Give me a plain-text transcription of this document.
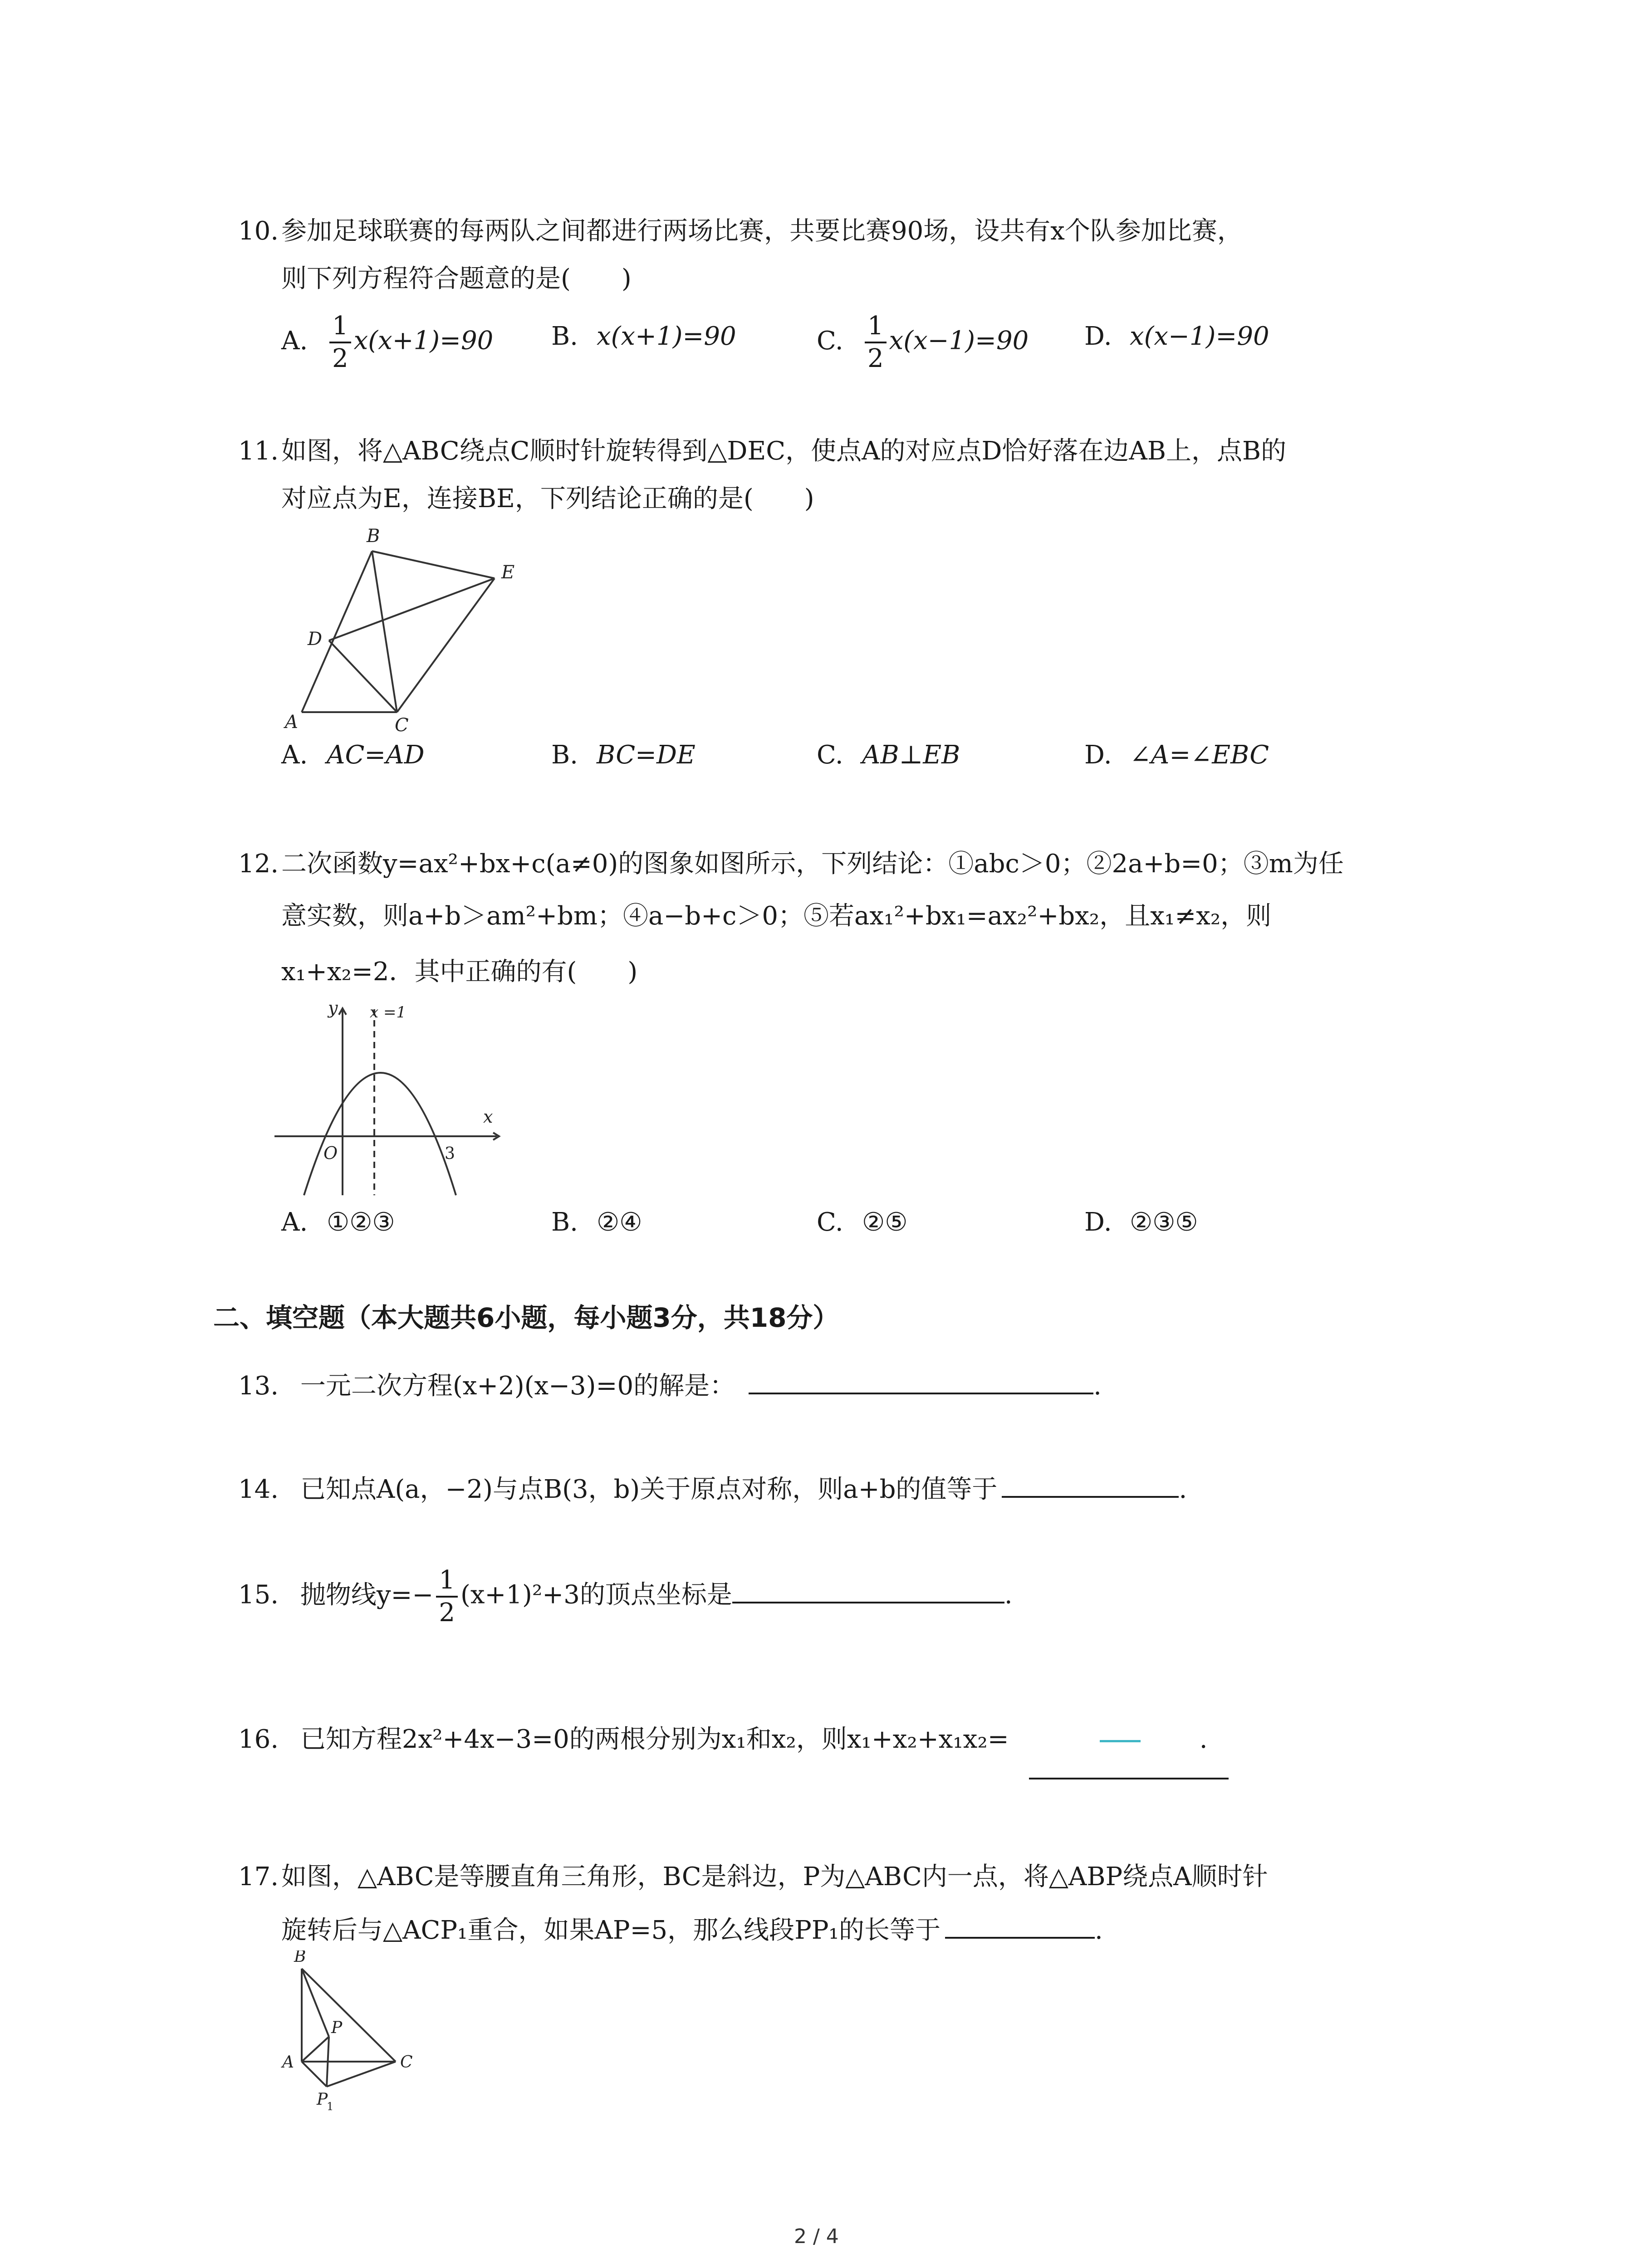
10. 参加足球联赛的每两队之间都进行两场比赛，共要比赛90场，设共有x个队参加比赛，
则下列方程符合题意的是(　　)
A. $\frac{1}{2} x(x+1)=90$ B. x(x+1)=90	C. $\frac{1}{2} x(x-1)=90$ D. x(x−1)=90
11. 如图，将△ABC绕点C顺时针旋转得到△DEC，使点A的对应点D恰好落在边AB上，点B的
对应点为E，连接BE，下列结论正确的是(　　)
B
E
D
A	C
A. AC=AD	B. BC=DE	C. AB⊥EB	D. ∠A=∠EBC
12. 二次函数y=ax²+bx+c(a≠0)的图象如图所示，下列结论：①abc＞0；②2a+b=0；③m为任
意实数，则a+b＞am²+bm；④a−b+c＞0；⑤若ax₁²+bx₁=ax₂²+bx₂，且x₁≠x₂，则
x₁+x₂=2．其中正确的有(　　)
y
x
O	3
x =1
A. ①②③	B. ②④	C. ②⑤	D. ②③⑤
二、填空题（本大题共6小题，每小题3分，共18分）
13. 一元二次方程(x+2)(x−3)=0的解是：	.
14. 已知点A(a，−2)与点B(3，b)关于原点对称，则a+b的值等于	.
15. 抛物线$y=- \frac{1}{2} (x+1)^2+3$的顶点坐标是	.
16. 已知方程2x²+4x−3=0的两根分别为x₁和x₂，则x₁+x₂+x₁x₂=	.
17. 如图，△ABC是等腰直角三角形，BC是斜边，P为△ABC内一点，将△ABP绕点A顺时针
旋转后与△ACP₁重合，如果AP=5，那么线段PP₁的长等于	.
B
P
A	C
P
1
2 / 4
